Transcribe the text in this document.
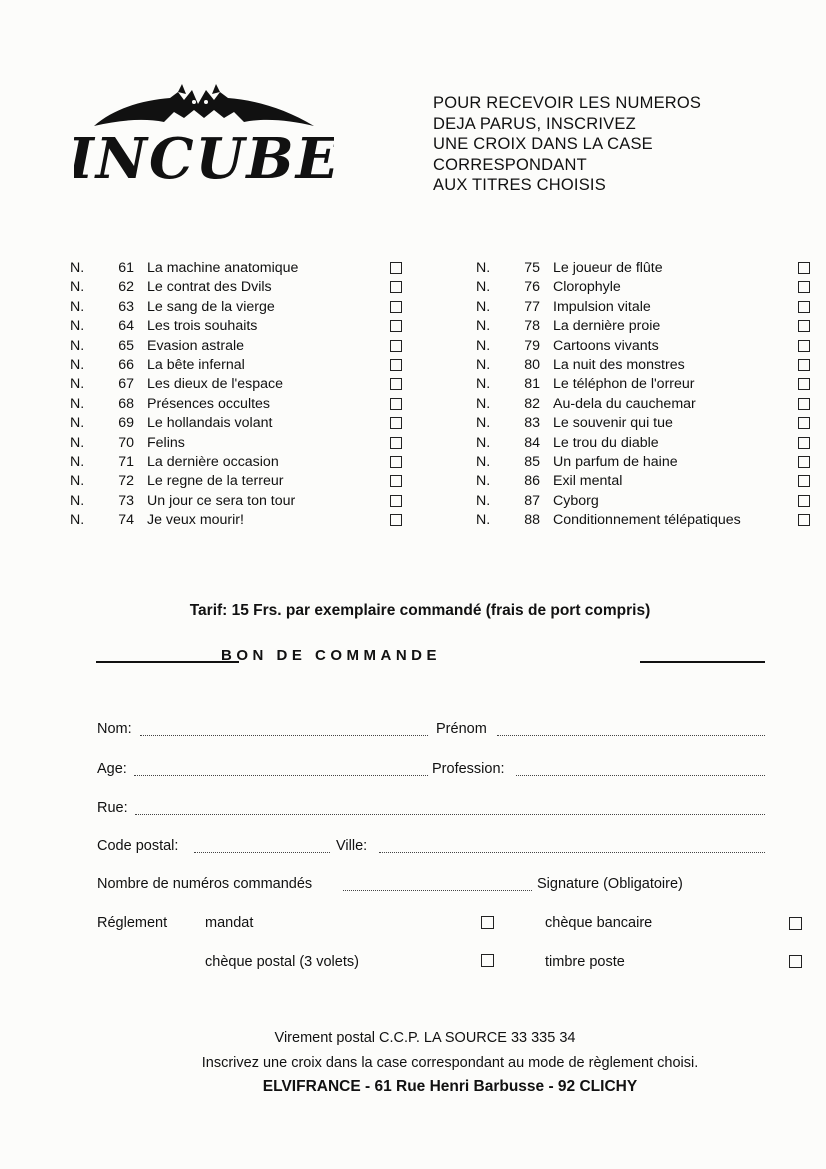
INCUBE
POUR RECEVOIR LES NUMEROS
DEJA PARUS, INSCRIVEZ
UNE CROIX DANS LA CASE
CORRESPONDANT
AUX TITRES CHOISIS
N.	61 La machine anatomique
N.	62 Le contrat des Dvils
N.	63 Le sang de la vierge
N.	64 Les trois souhaits
N.	65 Evasion astrale
N.	66 La bête infernal
N.	67 Les dieux de l'espace
N.	68 Présences occultes
N.	69 Le hollandais volant
N.	70 Felins
N.	71 La dernière occasion
N.	72 Le regne de la terreur
N.	73 Un jour ce sera ton tour
N.	74 Je veux mourir!
N.	75 Le joueur de flûte
N.	76 Clorophyle
N.	77 Impulsion vitale
N.	78 La dernière proie
N.	79 Cartoons vivants
N.	80 La nuit des monstres
N.	81 Le téléphon de l'orreur
N.	82 Au-dela du cauchemar
N.	83 Le souvenir qui tue
N.	84 Le trou du diable
N.	85 Un parfum de haine
N.	86 Exil mental
N.	87 Cyborg
N.	88 Conditionnement télépatiques
Tarif: 15 Frs. par exemplaire commandé (frais de port compris)
BON DE COMMANDE
Nom:	Prénom
Age:	Profession:
Rue:
Code postal:	Ville:
Nombre de numéros commandés	Signature (Obligatoire)
Réglement	mandat	chèque bancaire
chèque postal (3 volets)	timbre poste
Virement postal C.C.P. LA SOURCE 33 335 34
Inscrivez une croix dans la case correspondant au mode de règlement choisi.
ELVIFRANCE - 61 Rue Henri Barbusse - 92 CLICHY
